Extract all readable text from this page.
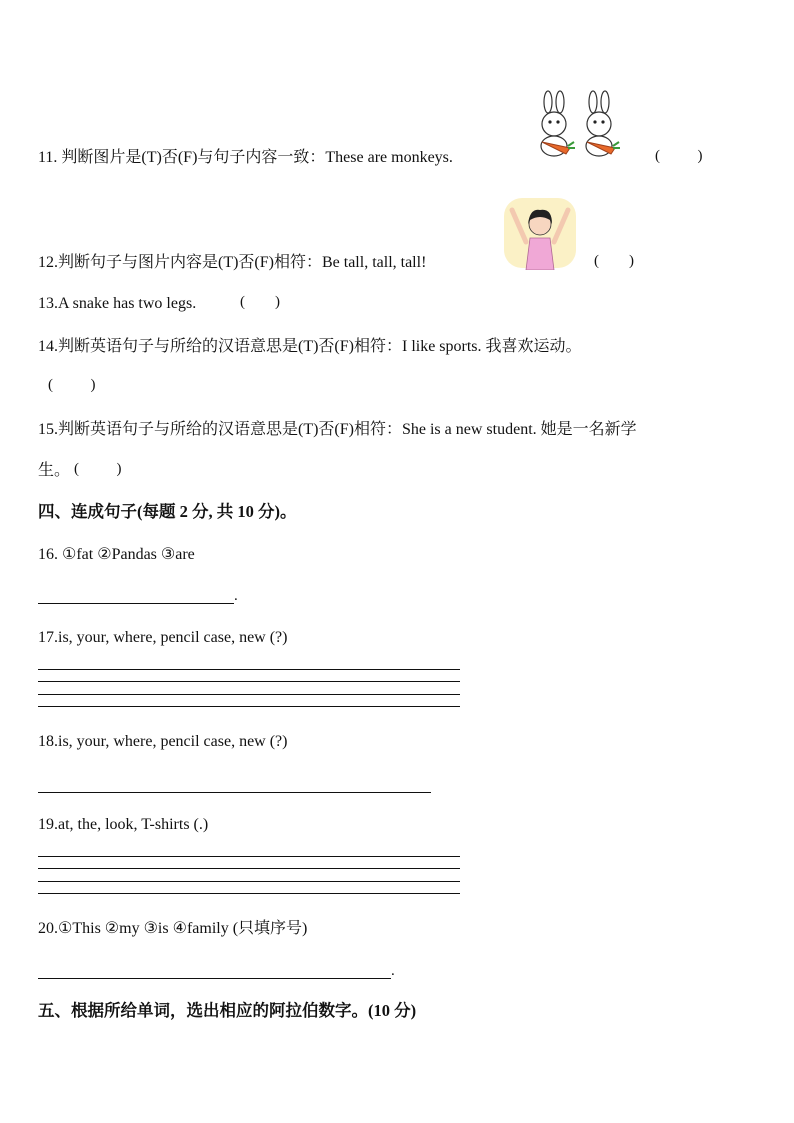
11. 判断图片是(T)否(F)与句子内容一致：These are monkeys.	(          )
12.判断句子与图片内容是(T)否(F)相符：Be tall, tall, tall!	(        )
13.A snake has two legs.	(        )
14.判断英语句子与所给的汉语意思是(T)否(F)相符：I like sports. 我喜欢运动。
(          )
15.判断英语句子与所给的汉语意思是(T)否(F)相符：She is a new student. 她是一名新学
生。 (          )
四、连成句子(每题 2 分, 共 10 分)。
16. ①fat ②Pandas ③are
.
17.is, your, where, pencil case, new (?)
18.is, your, where, pencil case, new (?)
19.at, the, look, T-shirts (.)
20.①This ②my ③is ④family (只填序号)
.
五、根据所给单词，选出相应的阿拉伯数字。(10 分)
